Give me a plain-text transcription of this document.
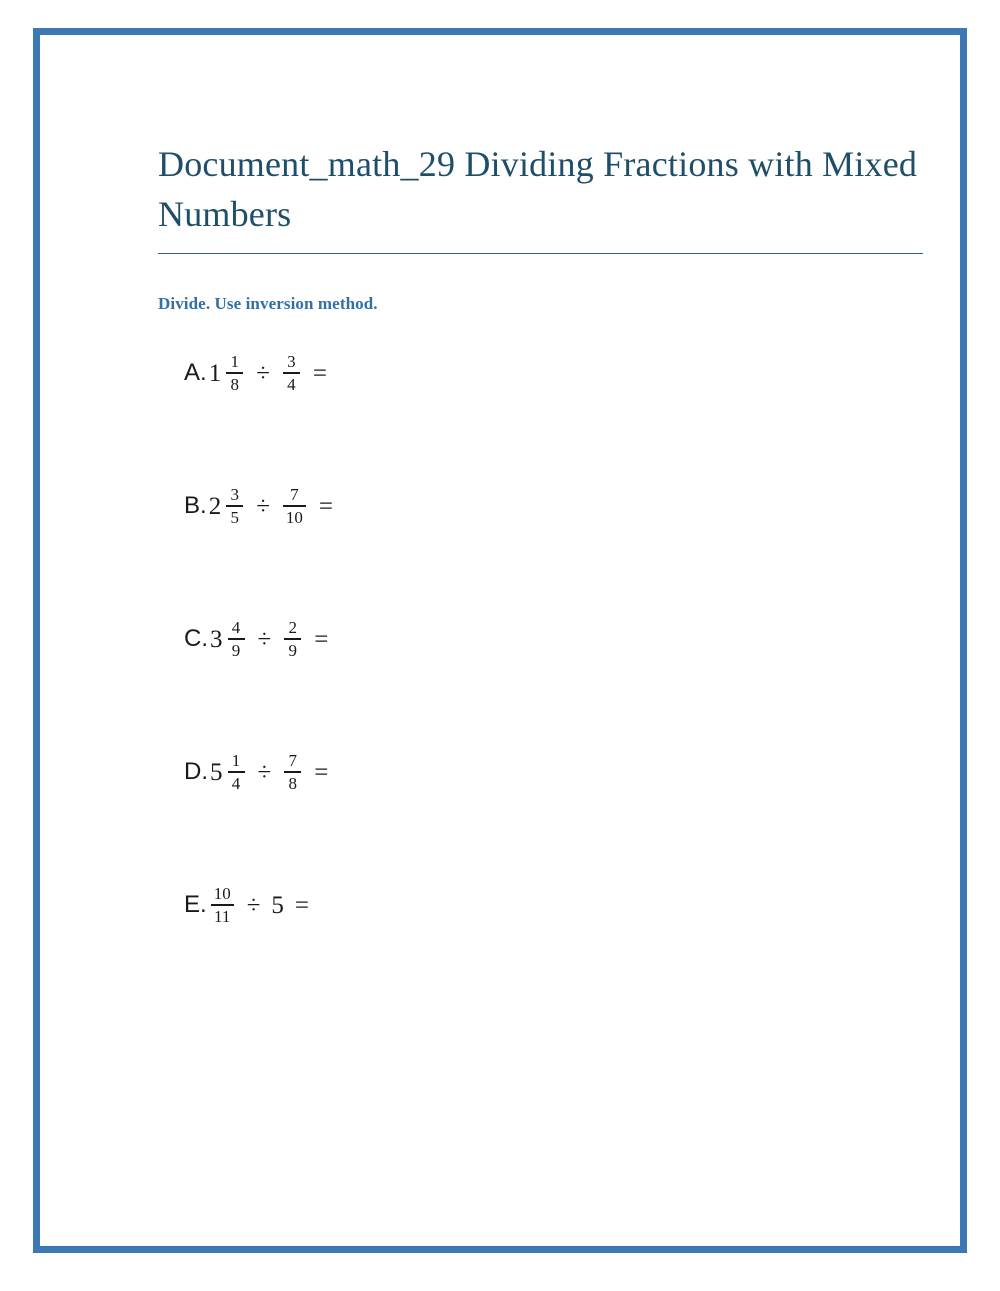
Document_math_29 Dividing Fractions with Mixed Numbers
Divide. Use inversion method.
A. $1 \frac{1}{8} \div \frac{3}{4}$ =
B. $2 \frac{3}{5} \div \frac{7}{10}$ =
C. $3 \frac{4}{9} \div \frac{2}{9}$ =
D. $5 \frac{1}{4} \div \frac{7}{8}$ =
E. $\frac{10}{11} \div 5$ =
